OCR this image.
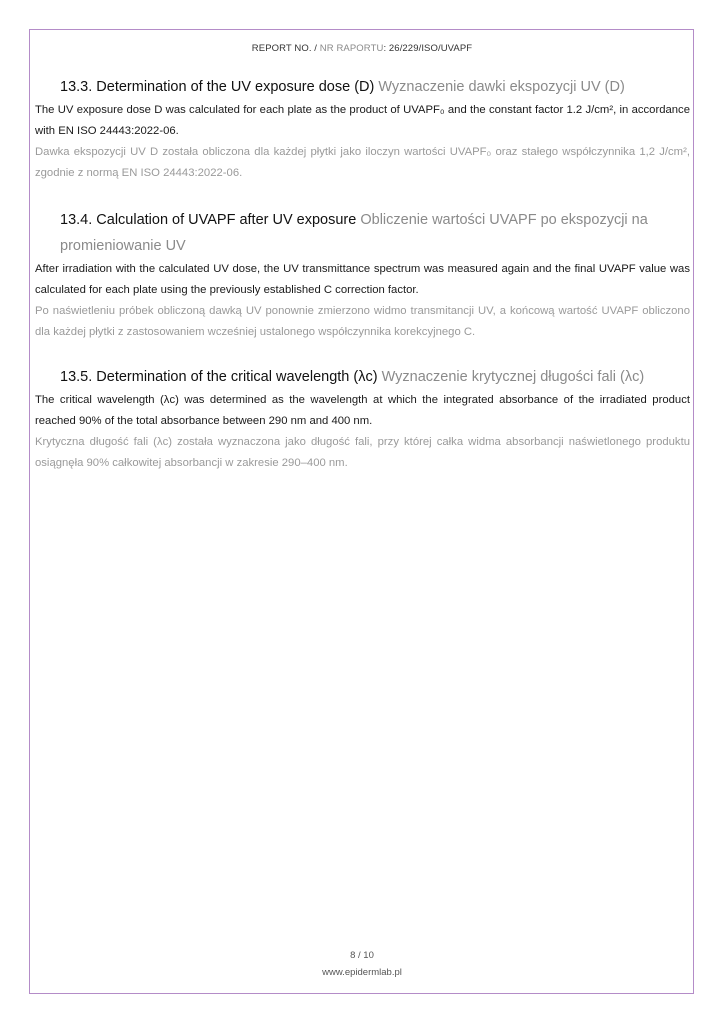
REPORT NO. / NR RAPORTU: 26/229/ISO/UVAPF
13.3. Determination of the UV exposure dose (D) Wyznaczenie dawki ekspozycji UV (D)

The UV exposure dose D was calculated for each plate as the product of UVAPF₀ and the constant factor 1.2 J/cm², in accordance with EN ISO 24443:2022-06.

Dawka ekspozycji UV D została obliczona dla każdej płytki jako iloczyn wartości UVAPF₀ oraz stałego współczynnika 1,2 J/cm², zgodnie z normą EN ISO 24443:2022-06.

13.4. Calculation of UVAPF after UV exposure Obliczenie wartości UVAPF po ekspozycji na promieniowanie UV

After irradiation with the calculated UV dose, the UV transmittance spectrum was measured again and the final UVAPF value was calculated for each plate using the previously established C correction factor.

Po naświetleniu próbek obliczoną dawką UV ponownie zmierzono widmo transmitancji UV, a końcową wartość UVAPF obliczono dla każdej płytki z zastosowaniem wcześniej ustalonego współczynnika korekcyjnego C.

13.5. Determination of the critical wavelength (λc) Wyznaczenie krytycznej długości fali (λc)

The critical wavelength (λc) was determined as the wavelength at which the integrated absorbance of the irradiated product reached 90% of the total absorbance between 290 nm and 400 nm.

Krytyczna długość fali (λc) została wyznaczona jako długość fali, przy której całka widma absorbancji naświetlonego produktu osiągnęła 90% całkowitej absorbancji w zakresie 290–400 nm.

8 / 10
www.epidermlab.pl
